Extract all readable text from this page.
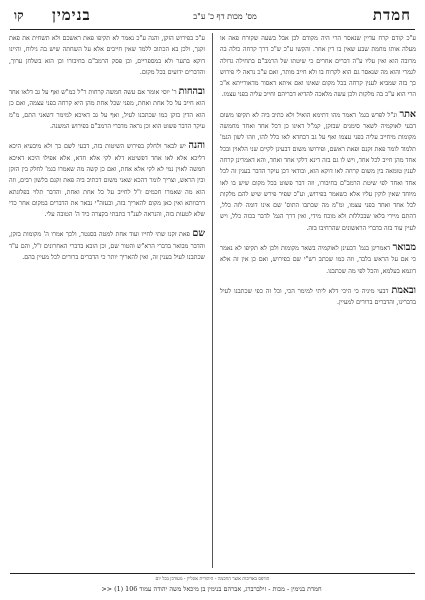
חמדת
מס' מכות דף כ' ע"ב
בנימין
קו

ע"כ קודם קרח עדיין שנאסר הרי היה מקודם לכן אבל בשעה שקורח פאה או מעלה אותו מחמת שבע שאין בו דין אחר. והקשו ע"כ ש"כ דרך קרחה כולה בה מרובה הוא ואין עליו ע"ה דברים אחרים כי שיטתו של הרמב"ם בתחילה גדולה לגמרי והוא מה שנאסר גם הוא לקרוח בו ולא חייב מותר, ואם ע"כ נראה לי פירוש כך בזה שמביא לענין קרחה בכל מקום שאינו ואם איתא דאסור מדאורייתא א"כ הרי הוא ע"כ בה מלקות ולכן עשה מלאכה להדיא דבריהם וחייב עליה בפני עצמו.

אתר ונ"ל לפרש בגמ' דאמר מהו דתימא הואיל ולא כתיב ביה לא תקיפו משום דבעי לאוקמיה לשאר סימנים שבזקן, קמ"ל דאינו כן דכל אחד ואחד מחמשה מקומות מיחייב עליה בפני עצמו ואף על גב דבחדא לאו כלל להו, וזהו לשון הגמ' תלמוד לומר פאת זקנם ופאת ראשם, ופירושו משום דבעינן לקיים שני הלאוין ובכל אחד מהן חייב לכל אחד, ויש לו גם בזה דינא דלקי אחד ואחד, והא דאמרינן קרחה לענין טומאה בין משום קרחה לאו דוקא הוא, ובודאי דכן עיקר הדבר בענין זה לכל אחד ואחד לפי שיטת הרמב"ם בחיבורו, וזה דבר פשוט בכל מקום שיש בו לאו מיוחד שאין לוקין עליו אלא כשאמר בפירוש, וע"כ שפיר פירש שיש להם מלקות לכל אחד ואחד בפני עצמו, ומ"מ מה שכתבו התוס' שם אינו דומה לזה כלל, דהתם מיירי בלאו שבכללות ולא מוכח מידי, ואין דרך הגמ' לדבר בכזה כלל, ויש לעיין עוד בזה בדברי הראשונים שהרחיבו בזה.

מבואר דאמרינן בגמ' דבעינן לאוקמיה בשאר מקומות ולכן לא תקיפו לא נאמר כי אם על הראש בלבד, וזה כמו שכתב רש"י שם בפירוש, ואם כן אין זה אלא דוגמא בעלמא, והכל לפי מה שכתבנו.

ובאמת דבעי מיניה כי היכי דלא ליתי למימר הכי, וכל זה כפי שכתבנו לעיל בדברינו, והדברים ברורים למעיין.

ע"כ בפירוש הזקן, והנה ע"כ נאמר לא תקיפו פאת ראשכם ולא תשחית את פאת זקנך, ולכן בא הכתוב ללמד שאין חייבים אלא על השחתה שיש בה גילוח, והיינו דוקא בתער ולא במספריים, וכן פסק הרמב"ם בחיבורו וכן הוא בשלחן ערוך, והדברים ידועים בכל מקום.

ובהחות ר' יוסי אומר אם עשה חמשה קרחות ר"ל כמ"ש ואף על גב דלאו אחד הוא חייב על כל אחת ואחת, מפני שכל אחת מהן היא קרחה בפני עצמה, ואם כן הוא הדין בזקן כמו שכתבנו לעיל, ואף על גב דאיכא למימר דשאני התם, מ"מ עיקר הדבר פשוט הוא וכן נראה מדברי הרמב"ם בפירוש המשנה.

והנה יש לבאר ולחלק בפירוש השיטות בזה, דבעי לשם כך ולא מיבעיא היכא דליכא אלא לאו אחד דפשיטא דלא לקי אלא חדא, אלא אפילו היכא דאיכא חמשה לאוין נמי לא לקי אלא אחת, ואם כן קשה מה שאמרו בגמ' לחלק בין הזקן ובין הראש, וצריך לומר דהכא שאני משום דכתיב ביה פאת זקנם בלשון רבים, וזה הוא מה שאמרו חכמים ז"ל לחייב על כל אחת ואחת, והדבר תלוי בפלוגתא דרבוותא ואין כאן מקום להאריך בזה, ובעזה"י נבאר את הדברים במקום אחר כדי שלא לטעות בזה, והנראה לענ"ד כתבתי בקצרה כיד ה' הטובה עלי.

שם פאת זקנו שתי לחייו ועוד אחת למטה בסנטר, ולכך אמרו ה' מקומות בזקן, והדבר מבואר בדברי הרא"ש והטור שם, וכן הובא בדברי האחרונים ז"ל, והם ע"ד שכתבנו לעיל בענין זה, ואין להאריך יותר כי הדברים ברורים לכל מעיין בהם.

הודפס באדיבות אוצר החכמה - היהודית אונליין - מעודכן בכל יום
חמדת בנימין - מכות - זילברברג, אברהם בנימין בן מיכאל משה יהודה עמוד 106 (1) <<
